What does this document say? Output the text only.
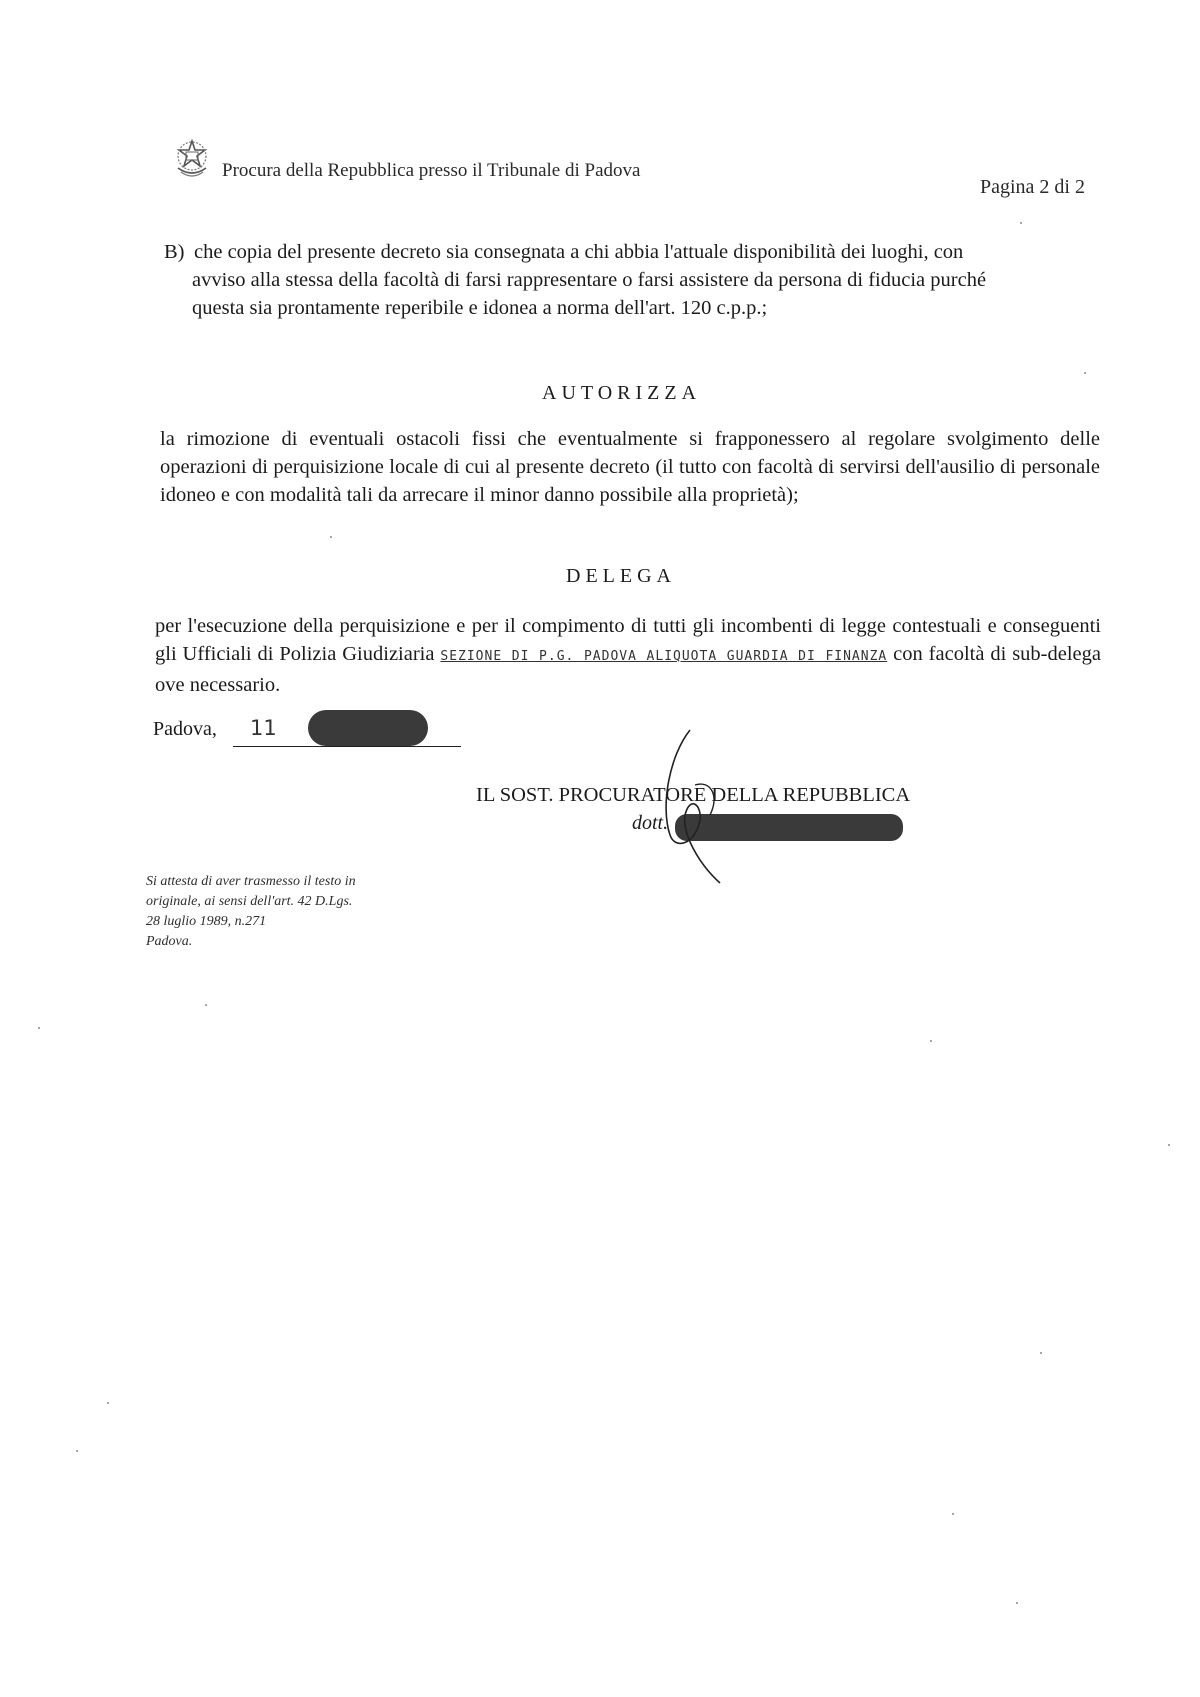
Procura della Repubblica presso il Tribunale di Padova
Pagina 2 di 2
B) che copia del presente decreto sia consegnata a chi abbia l'attuale disponibilità dei luoghi, con
avviso alla stessa della facoltà di farsi rappresentare o farsi assistere da persona di fiducia purché
questa sia prontamente reperibile e idonea a norma dell'art. 120 c.p.p.;
AUTORIZZA
la rimozione di eventuali ostacoli fissi che eventualmente si frapponessero al regolare svolgimento delle operazioni di perquisizione locale di cui al presente decreto (il tutto con facoltà di servirsi dell'ausilio di personale idoneo e con modalità tali da arrecare il minor danno possibile alla proprietà);
DELEGA
per l'esecuzione della perquisizione e per il compimento di tutti gli incombenti di legge contestuali e conseguenti gli Ufficiali di Polizia Giudiziaria SEZIONE DI P.G. PADOVA ALIQUOTA GUARDIA DI FINANZA con facoltà di sub-delega ove necessario.
Padova, 11
IL SOST. PROCURATORE DELLA REPUBBLICA
dott.
Si attesta di aver trasmesso il testo in
originale, ai sensi dell'art. 42 D.Lgs.
28 luglio 1989, n.271
Padova.
